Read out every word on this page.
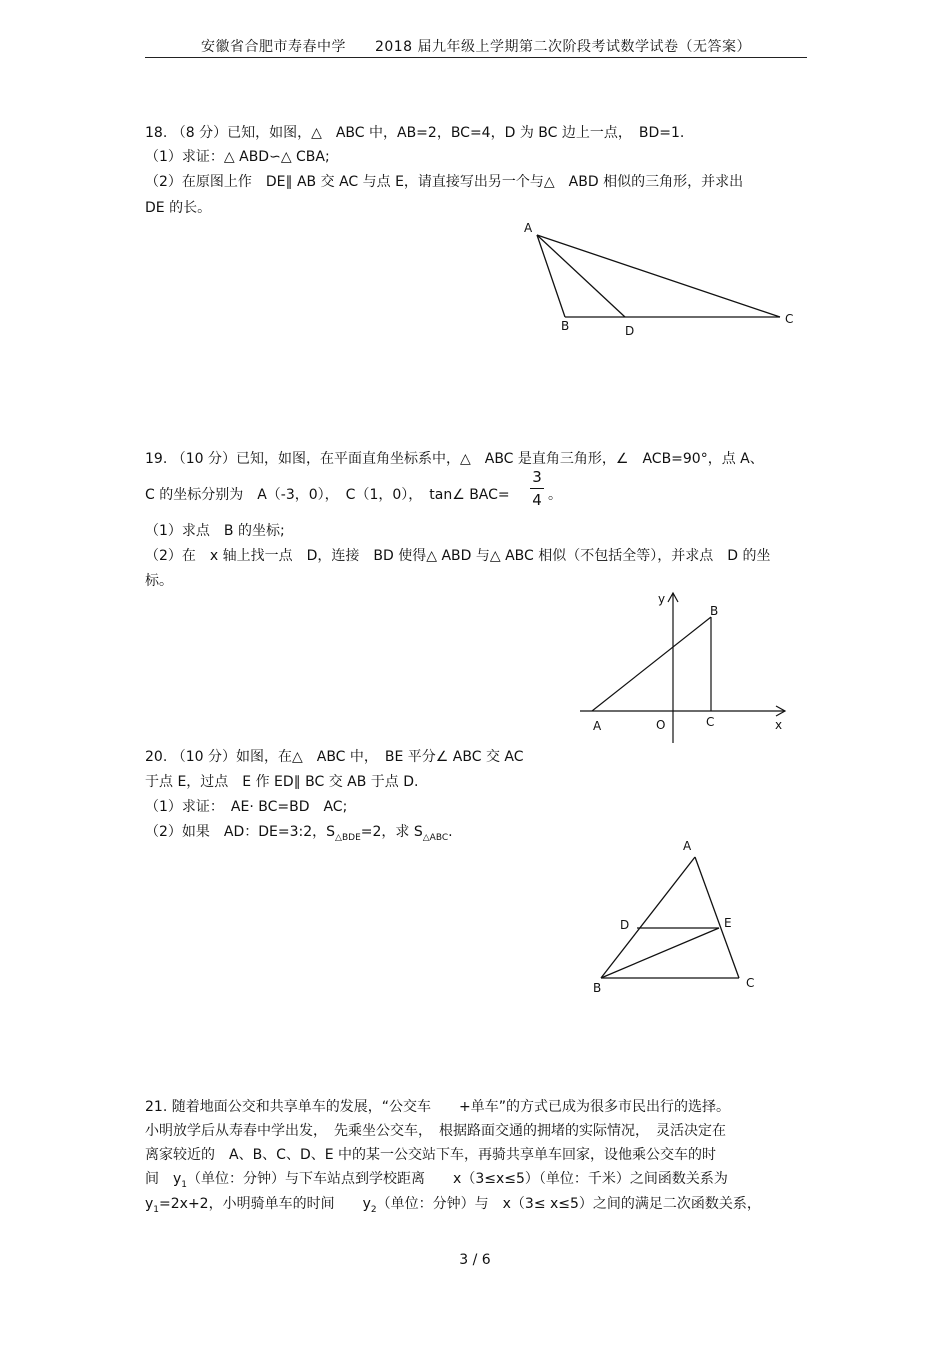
安徽省合肥市寿春中学　　2018 届九年级上学期第二次阶段考试数学试卷（无答案）
18. （8 分）已知，如图，△　ABC 中，AB=2，BC=4，D 为 BC 边上一点，　BD=1.
（1）求证：△ ABD∽△ CBA;
（2）在原图上作　DE∥ AB 交 AC 与点 E，请直接写出另一个与△　ABD 相似的三角形，并求出
DE 的长。
A
B	D
C
19. （10 分）已知，如图，在平面直角坐标系中，△　ABC 是直角三角形，∠　ACB=90°，点 A、
C 的坐标分别为　A（-3，0），　C（1，0），　tan∠ $BAC= \frac{3}{4}$ 。
（1）求点　B 的坐标;
（2）在　x 轴上找一点　D，连接　BD 使得△ ABD 与△ ABC 相似（不包括全等），并求点　D 的坐
标。
y
B
A	O	C	x
20. （10 分）如图，在△　ABC 中，　BE 平分∠ ABC 交 AC
于点 E，过点　E 作 ED∥ BC 交 AB 于点 D.
（1）求证：　AE· BC=BD　AC;
（2）如果　AD：DE=3:2，$S_{\triangle BDE}=2$，求 $S_{\triangle ABC}$.
A
D	E
B	C
21. 随着地面公交和共享单车的发展，“公交车　　+单车”的方式已成为很多市民出行的选择。
小明放学后从寿春中学出发，　先乘坐公交车，　根据路面交通的拥堵的实际情况，　灵活决定在
离家较近的　A、B、C、D、E 中的某一公交站下车，再骑共享单车回家，设他乘公交车的时
间　$y_1$（单位：分钟）与下车站点到学校距离　　x（3≤x≤5）（单位：千米）之间函数关系为
$y_1=2x+2$，小明骑单车的时间　　$y_2$（单位：分钟）与　x（3≤ x≤5）之间的满足二次函数关系，
3 / 6
